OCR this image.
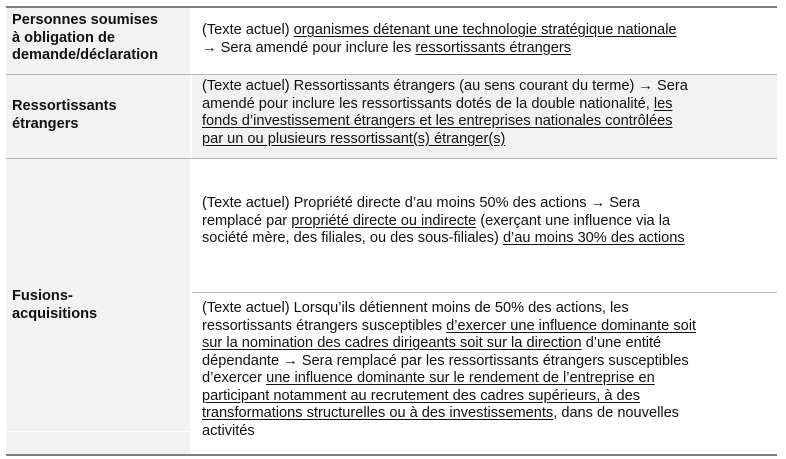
Personnes soumises
à obligation de
demande/déclaration
(Texte actuel) organismes détenant une technologie stratégique nationale
→ Sera amendé pour inclure les ressortissants étrangers
Ressortissants
étrangers
(Texte actuel) Ressortissants étrangers (au sens courant du terme) → Sera
amendé pour inclure les ressortissants dotés de la double nationalité, les
fonds d’investissement étrangers et les entreprises nationales contrôlées
par un ou plusieurs ressortissant(s) étranger(s)
Fusions-
acquisitions
(Texte actuel) Propriété directe d’au moins 50% des actions → Sera
remplacé par propriété directe ou indirecte (exerçant une influence via la
société mère, des filiales, ou des sous-filiales) d’au moins 30% des actions
(Texte actuel) Lorsqu’ils détiennent moins de 50% des actions, les
ressortissants étrangers susceptibles d’exercer une influence dominante soit
sur la nomination des cadres dirigeants soit sur la direction d’une entité
dépendante → Sera remplacé par les ressortissants étrangers susceptibles
d’exercer une influence dominante sur le rendement de l’entreprise en
participant notamment au recrutement des cadres supérieurs, à des
transformations structurelles ou à des investissements, dans de nouvelles
activités
